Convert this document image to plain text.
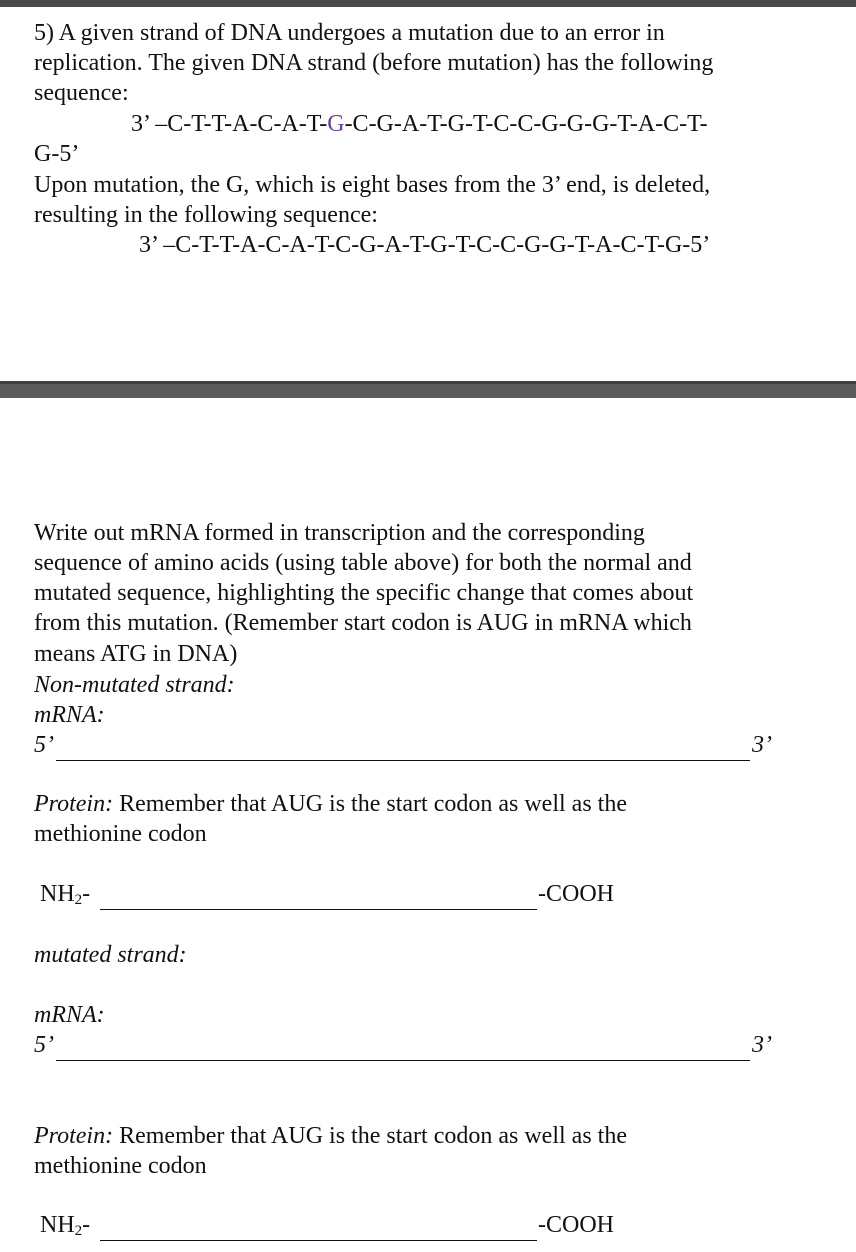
5) A given strand of DNA undergoes a mutation due to an error in
replication. The given DNA strand (before mutation) has the following
sequence:
3’ –C-T-T-A-C-A-T-G-C-G-A-T-G-T-C-C-G-G-G-T-A-C-T-
G-5’
Upon mutation, the G, which is eight bases from the 3’ end, is deleted,
resulting in the following sequence:
3’ –C-T-T-A-C-A-T-C-G-A-T-G-T-C-C-G-G-T-A-C-T-G-5’
Write out mRNA formed in transcription and the corresponding
sequence of amino acids (using table above) for both the normal and
mutated sequence, highlighting the specific change that comes about
from this mutation. (Remember start codon is AUG in mRNA which
means ATG in DNA)
Non-mutated strand:
mRNA:
5’	3’
Protein: Remember that AUG is the start codon as well as the
methionine codon
$NH_2-$	-COOH
mutated strand:
mRNA:
5’	3’
Protein: Remember that AUG is the start codon as well as the
methionine codon
$NH_2-$	-COOH
